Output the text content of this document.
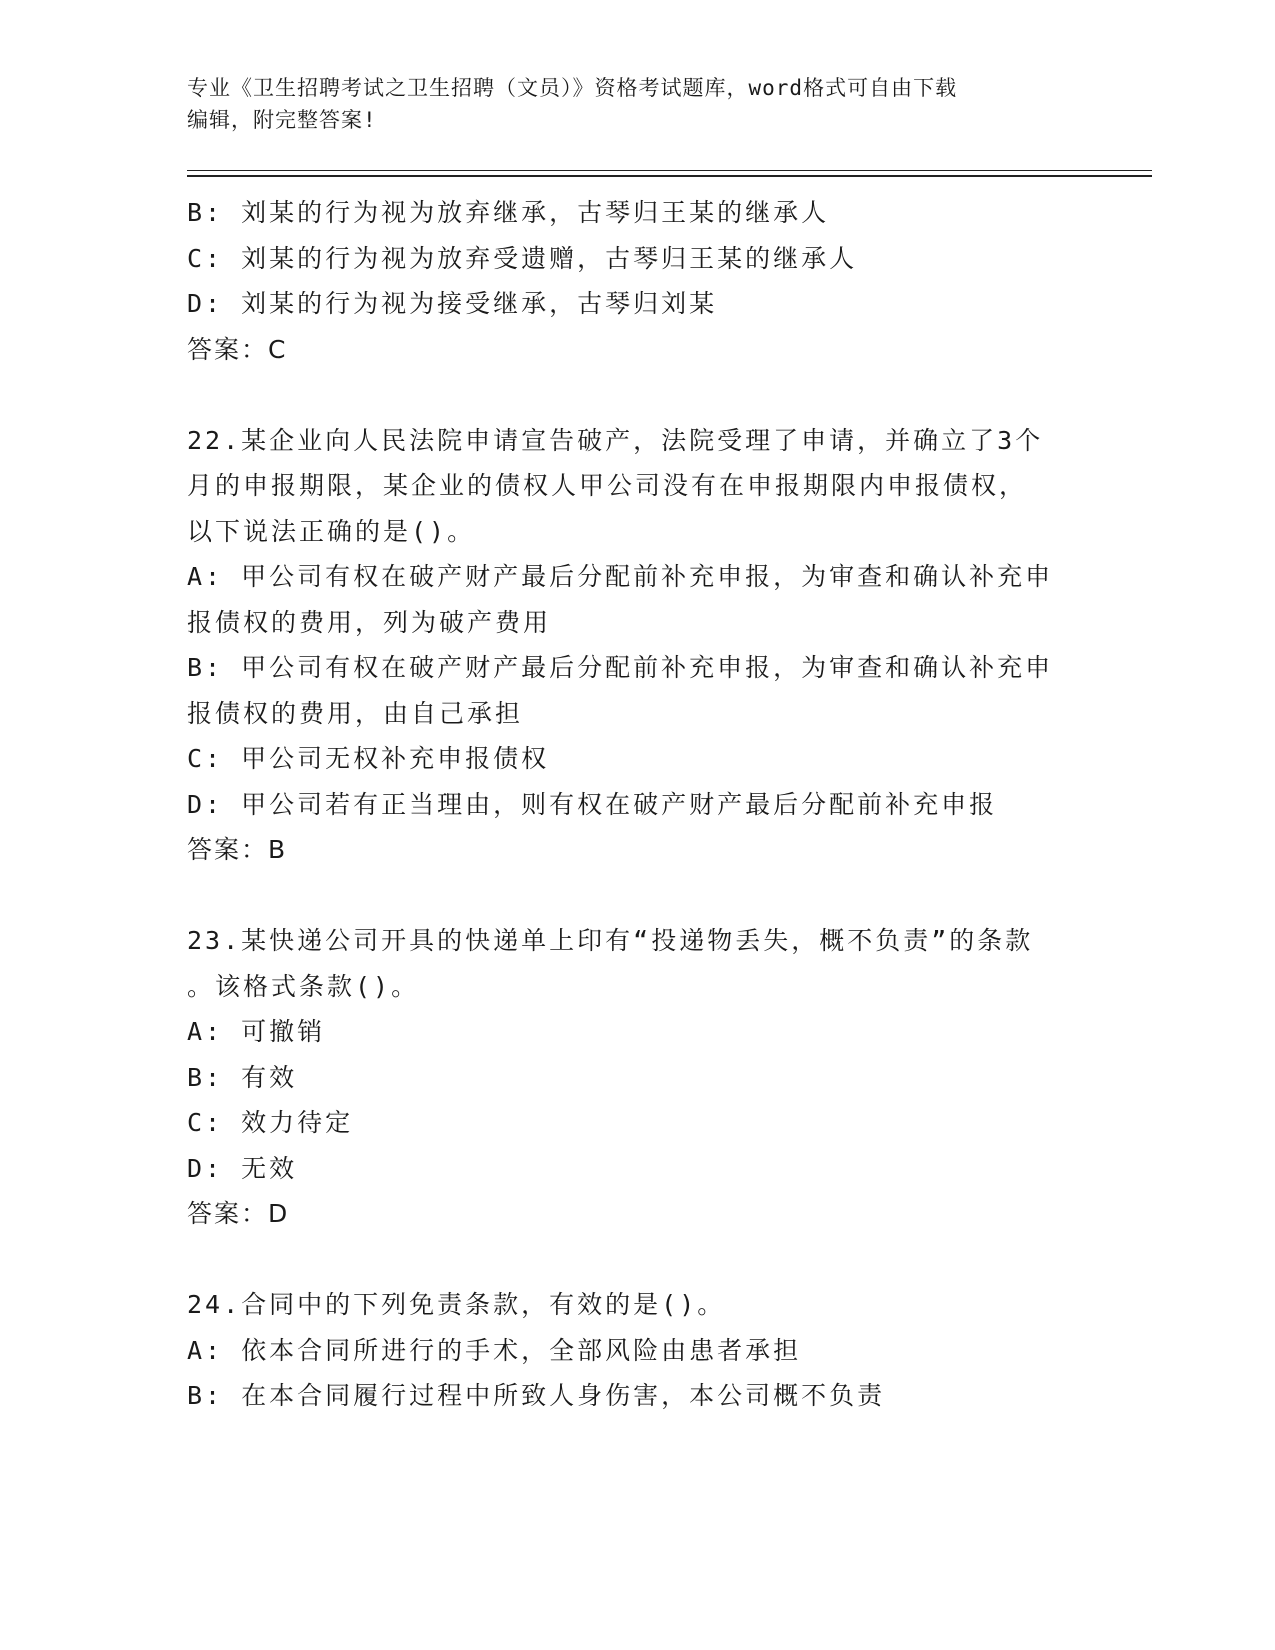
专业《卫生招聘考试之卫生招聘（文员）》资格考试题库，word格式可自由下载
编辑，附完整答案!
B: 刘某的行为视为放弃继承，古琴归王某的继承人
C: 刘某的行为视为放弃受遗赠，古琴归王某的继承人
D: 刘某的行为视为接受继承，古琴归刘某
答案：C
22.某企业向人民法院申请宣告破产，法院受理了申请，并确立了3个
月的申报期限，某企业的债权人甲公司没有在申报期限内申报债权，
以下说法正确的是()。
A: 甲公司有权在破产财产最后分配前补充申报，为审查和确认补充申
报债权的费用，列为破产费用
B: 甲公司有权在破产财产最后分配前补充申报，为审查和确认补充申
报债权的费用，由自己承担
C: 甲公司无权补充申报债权
D: 甲公司若有正当理由，则有权在破产财产最后分配前补充申报
答案：B
23.某快递公司开具的快递单上印有“投递物丢失，概不负责”的条款
。该格式条款()。
A: 可撤销
B: 有效
C: 效力待定
D: 无效
答案：D
24.合同中的下列免责条款，有效的是()。
A: 依本合同所进行的手术，全部风险由患者承担
B: 在本合同履行过程中所致人身伤害，本公司概不负责
